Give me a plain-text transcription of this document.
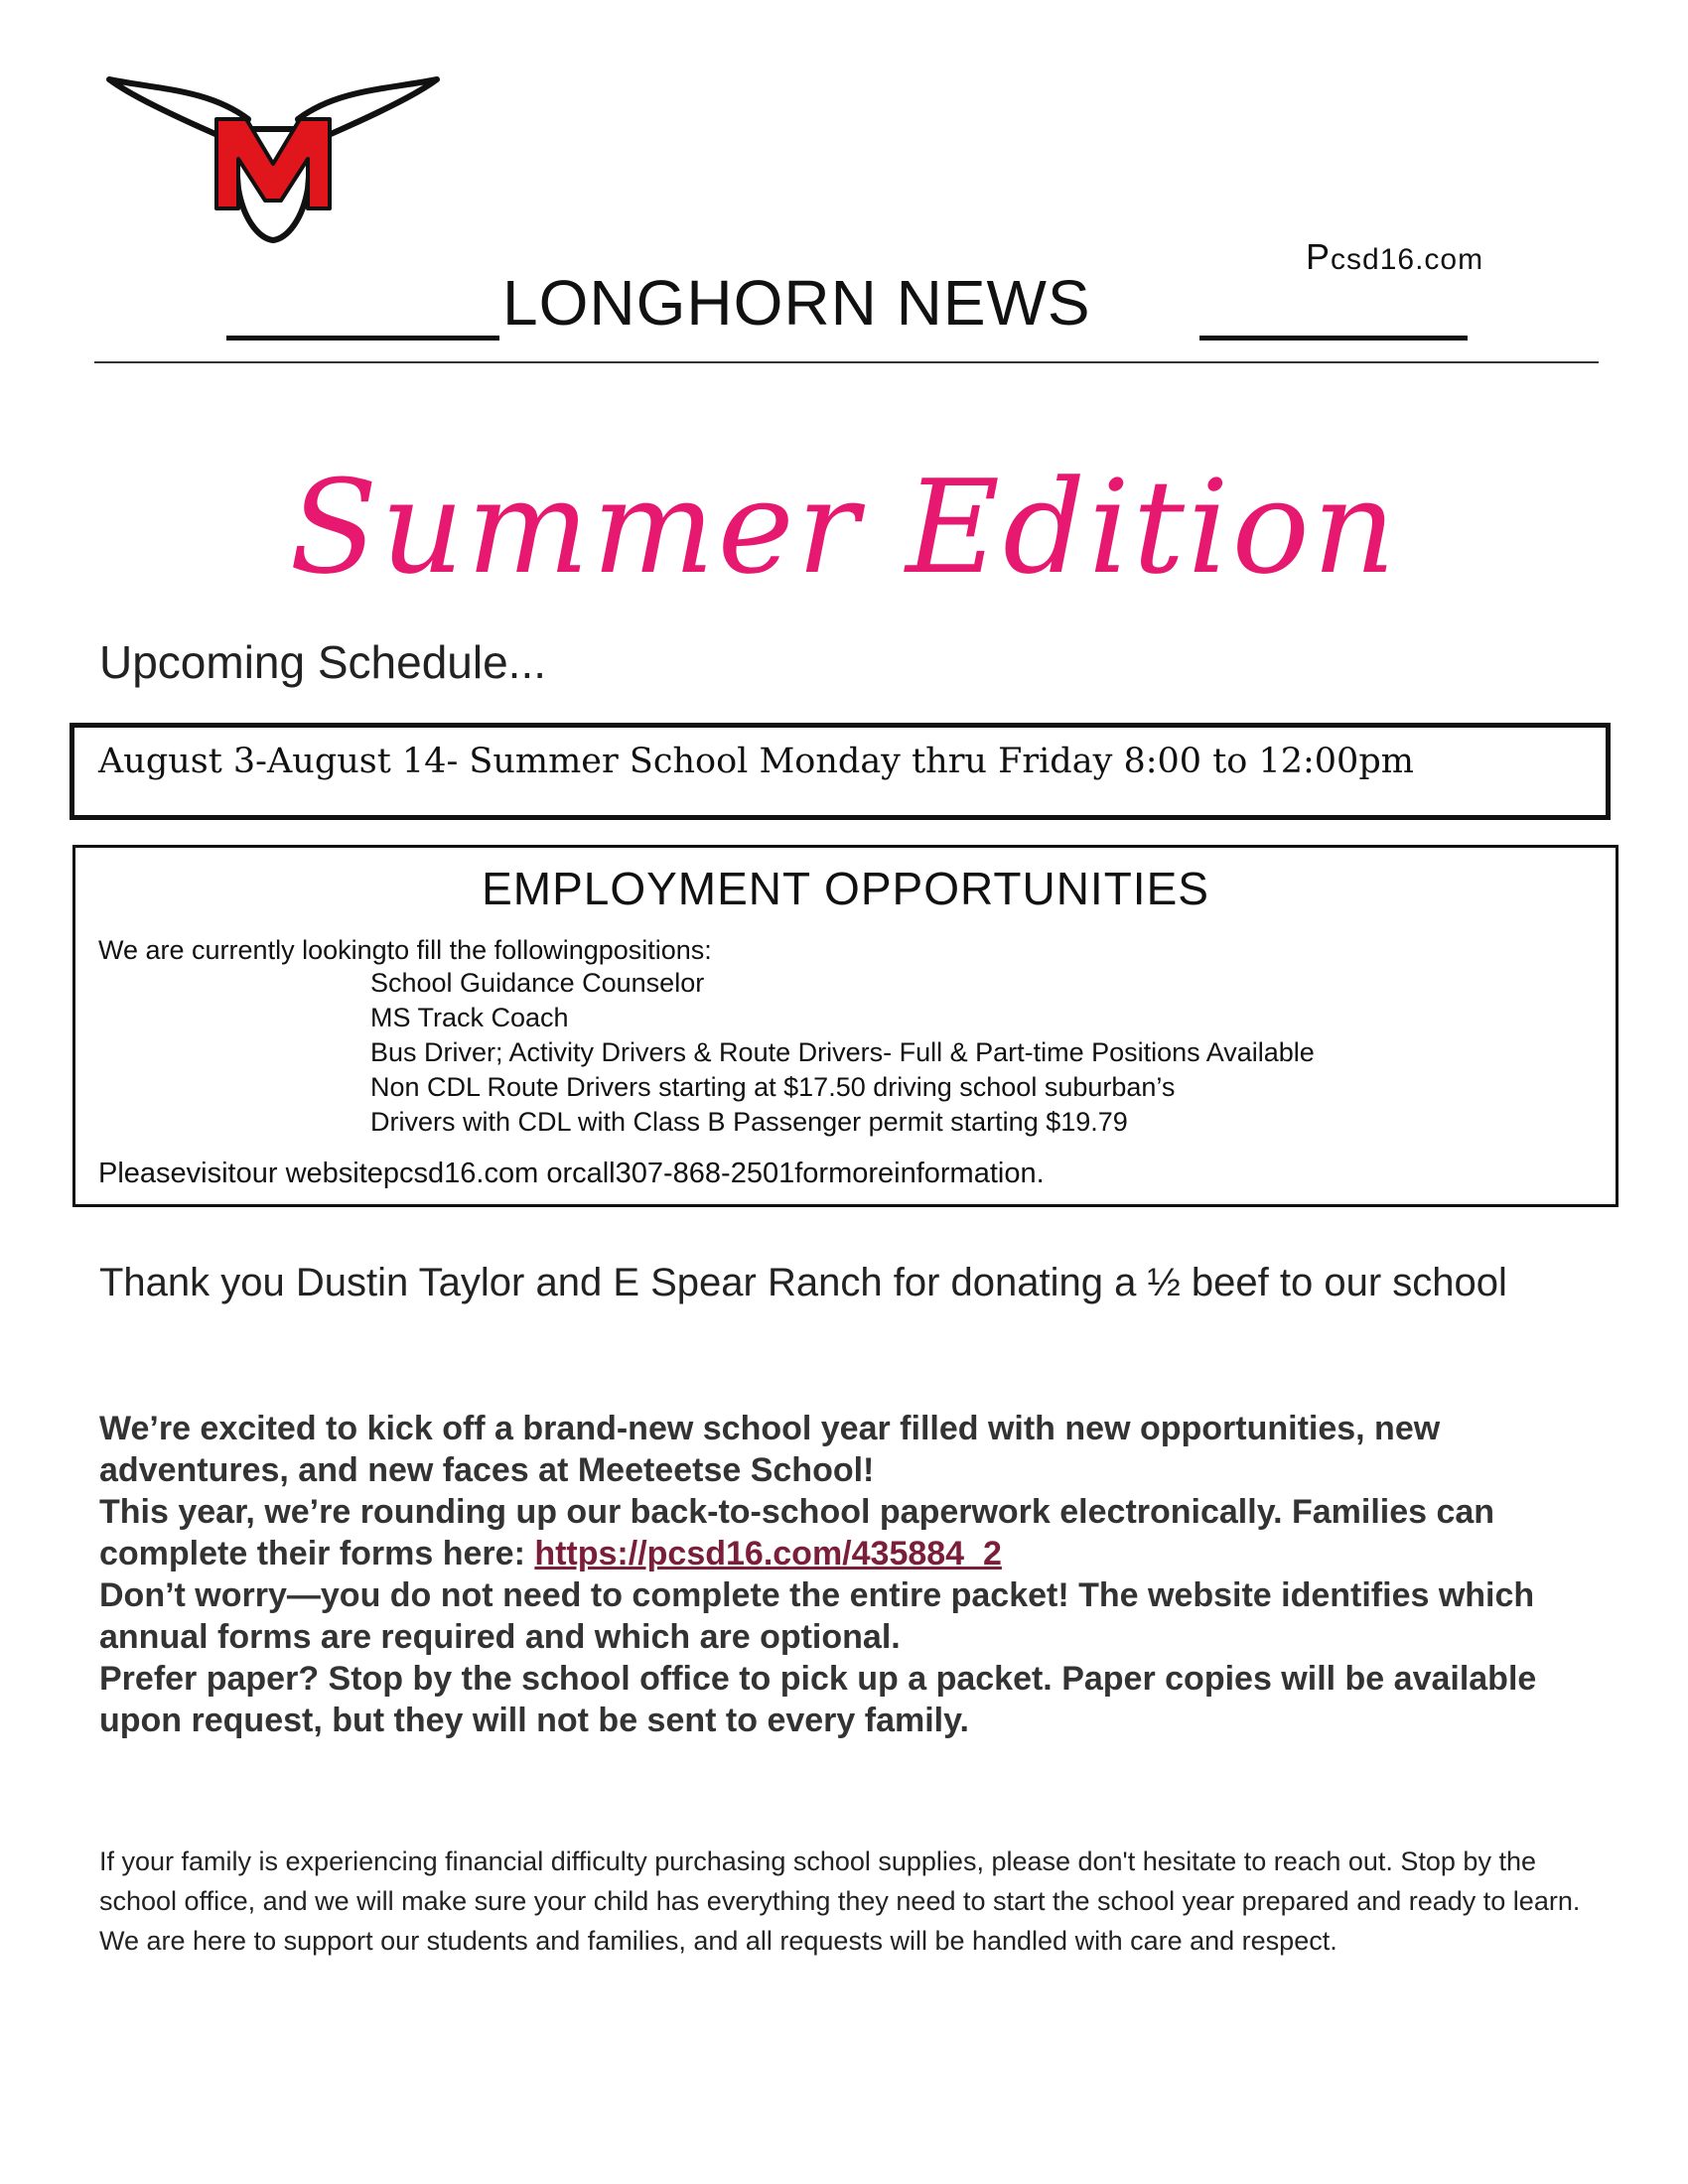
Pcsd16.com
LONGHORN NEWS
Summer Edition
Upcoming Schedule...
August 3-August 14- Summer School Monday thru Friday 8:00 to 12:00pm
EMPLOYMENT OPPORTUNITIES
We are currently lookingto fill the followingpositions:
School Guidance Counselor
MS Track Coach
Bus Driver; Activity Drivers & Route Drivers- Full & Part-time Positions Available
Non CDL Route Drivers starting at $17.50 driving school suburban’s
Drivers with CDL with Class B Passenger permit starting $19.79
Pleasevisitour websitepcsd16.com orcall307-868-2501formoreinformation.
Thank you Dustin Taylor and E Spear Ranch for donating a ½ beef to our school

We’re excited to kick off a brand-new school year filled with new opportunities, new adventures, and new faces at Meeteetse School!

This year, we’re rounding up our back-to-school paperwork electronically. Families can complete their forms here: https://pcsd16.com/435884_2

Don’t worry—you do not need to complete the entire packet! The website identifies which annual forms are required and which are optional.

Prefer paper? Stop by the school office to pick up a packet. Paper copies will be available upon request, but they will not be sent to every family.

If your family is experiencing financial difficulty purchasing school supplies, please don't hesitate to reach out. Stop by the school office, and we will make sure your child has everything they need to start the school year prepared and ready to learn. We are here to support our students and families, and all requests will be handled with care and respect.
